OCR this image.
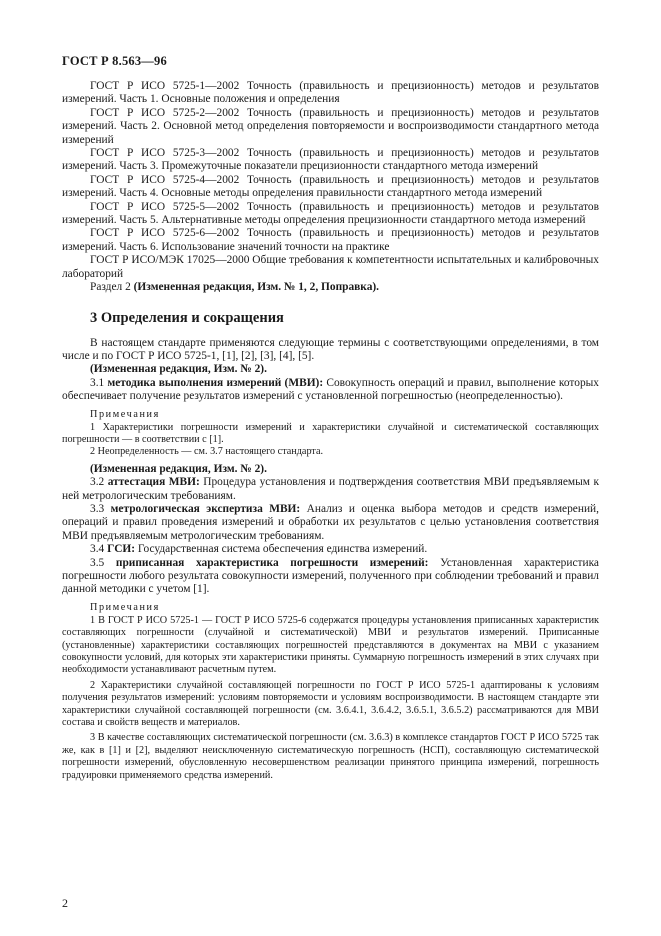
ГОСТ Р 8.563—96

ГОСТ Р ИСО 5725-1—2002 Точность (правильность и прецизионность) методов и результатов измерений. Часть 1. Основные положения и определения

ГОСТ Р ИСО 5725-2—2002 Точность (правильность и прецизионность) методов и результатов измерений. Часть 2. Основной метод определения повторяемости и воспроизводимости стандартного метода измерений

ГОСТ Р ИСО 5725-3—2002 Точность (правильность и прецизионность) методов и результатов измерений. Часть 3. Промежуточные показатели прецизионности стандартного метода измерений

ГОСТ Р ИСО 5725-4—2002 Точность (правильность и прецизионность) методов и результатов измерений. Часть 4. Основные методы определения правильности стандартного метода измерений

ГОСТ Р ИСО 5725-5—2002 Точность (правильность и прецизионность) методов и результатов измерений. Часть 5. Альтернативные методы определения прецизионности стандартного метода измерений

ГОСТ Р ИСО 5725-6—2002 Точность (правильность и прецизионность) методов и результатов измерений. Часть 6. Использование значений точности на практике

ГОСТ Р ИСО/МЭК 17025—2000 Общие требования к компетентности испытательных и калибровочных лабораторий

Раздел 2 (Измененная редакция, Изм. № 1, 2, Поправка).

3 Определения и сокращения

В настоящем стандарте применяются следующие термины с соответствующими определениями, в том числе и по ГОСТ Р ИСО 5725-1, [1], [2], [3], [4], [5].

(Измененная редакция, Изм. № 2).

3.1 методика выполнения измерений (МВИ): Совокупность операций и правил, выполнение которых обеспечивает получение результатов измерений с установленной погрешностью (неопределенностью).

Примечания

1 Характеристики погрешности измерений и характеристики случайной и систематической составляющих погрешности — в соответствии с [1].

2 Неопределенность — см. 3.7 настоящего стандарта.

(Измененная редакция, Изм. № 2).

3.2 аттестация МВИ: Процедура установления и подтверждения соответствия МВИ предъявляемым к ней метрологическим требованиям.

3.3 метрологическая экспертиза МВИ: Анализ и оценка выбора методов и средств измерений, операций и правил проведения измерений и обработки их результатов с целью установления соответствия МВИ предъявляемым метрологическим требованиям.

3.4 ГСИ: Государственная система обеспечения единства измерений.

3.5 приписанная характеристика погрешности измерений: Установленная характеристика погрешности любого результата совокупности измерений, полученного при соблюдении требований и правил данной методики с учетом [1].

Примечания

1 В ГОСТ Р ИСО 5725-1 — ГОСТ Р ИСО 5725-6 содержатся процедуры установления приписанных характеристик составляющих погрешности (случайной и систематической) МВИ и результатов измерений. Приписанные (установленные) характеристики составляющих погрешностей представляются в документах на МВИ с указанием совокупности условий, для которых эти характеристики приняты. Суммарную погрешность измерений в этих случаях при необходимости устанавливают расчетным путем.

2 Характеристики случайной составляющей погрешности по ГОСТ Р ИСО 5725-1 адаптированы к условиям получения результатов измерений: условиям повторяемости и условиям воспроизводимости. В настоящем стандарте эти характеристики случайной составляющей погрешности (см. 3.6.4.1, 3.6.4.2, 3.6.5.1, 3.6.5.2) рассматриваются для МВИ состава и свойств веществ и материалов.

3 В качестве составляющих систематической погрешности (см. 3.6.3) в комплексе стандартов ГОСТ Р ИСО 5725 так же, как в [1] и [2], выделяют неисключенную систематическую погрешность (НСП), составляющую систематической погрешности измерений, обусловленную несовершенством реализации принятого принципа измерений, погрешность градуировки применяемого средства измерений.

2
